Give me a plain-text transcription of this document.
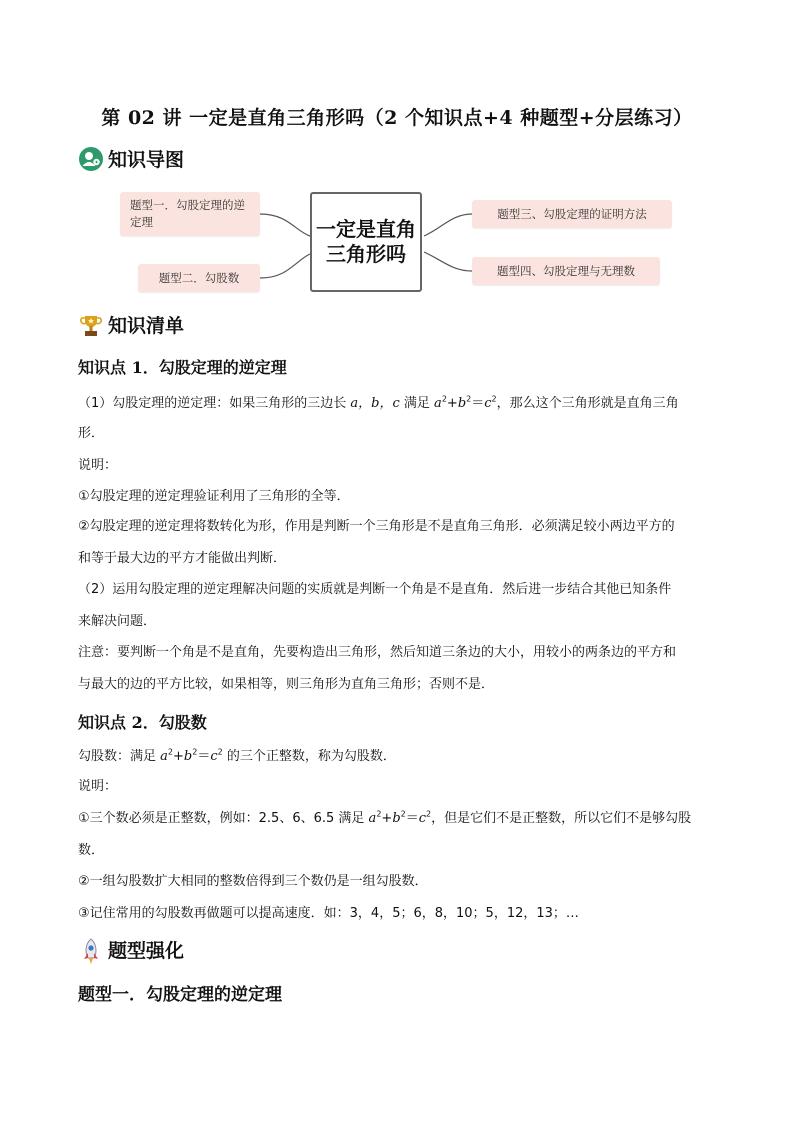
第 02 讲 一定是直角三角形吗（2 个知识点+4 种题型+分层练习）
知识导图
题型一．勾股定理的逆定理
题型二．勾股数
一定是直角三角形吗
题型三、勾股定理的证明方法
题型四、勾股定理与无理数
知识清单
知识点 1．勾股定理的逆定理
（1）勾股定理的逆定理：如果三角形的三边长 a，b，c 满足 $a^2+b^2=c^2$，那么这个三角形就是直角三角
形．
说明：
①勾股定理的逆定理验证利用了三角形的全等．
②勾股定理的逆定理将数转化为形，作用是判断一个三角形是不是直角三角形．必须满足较小两边平方的
和等于最大边的平方才能做出判断．
（2）运用勾股定理的逆定理解决问题的实质就是判断一个角是不是直角．然后进一步结合其他已知条件
来解决问题．
注意：要判断一个角是不是直角，先要构造出三角形，然后知道三条边的大小，用较小的两条边的平方和
与最大的边的平方比较，如果相等，则三角形为直角三角形；否则不是．
知识点 2．勾股数
勾股数：满足 $a^2+b^2=c^2$ 的三个正整数，称为勾股数．
说明：
①三个数必须是正整数，例如：2.5、6、6.5 满足 $a^2+b^2=c^2$，但是它们不是正整数，所以它们不是够勾股
数．
②一组勾股数扩大相同的整数倍得到三个数仍是一组勾股数．
③记住常用的勾股数再做题可以提高速度．如：3，4，5；6，8，10；5，12，13；…
题型强化
题型一．勾股定理的逆定理
